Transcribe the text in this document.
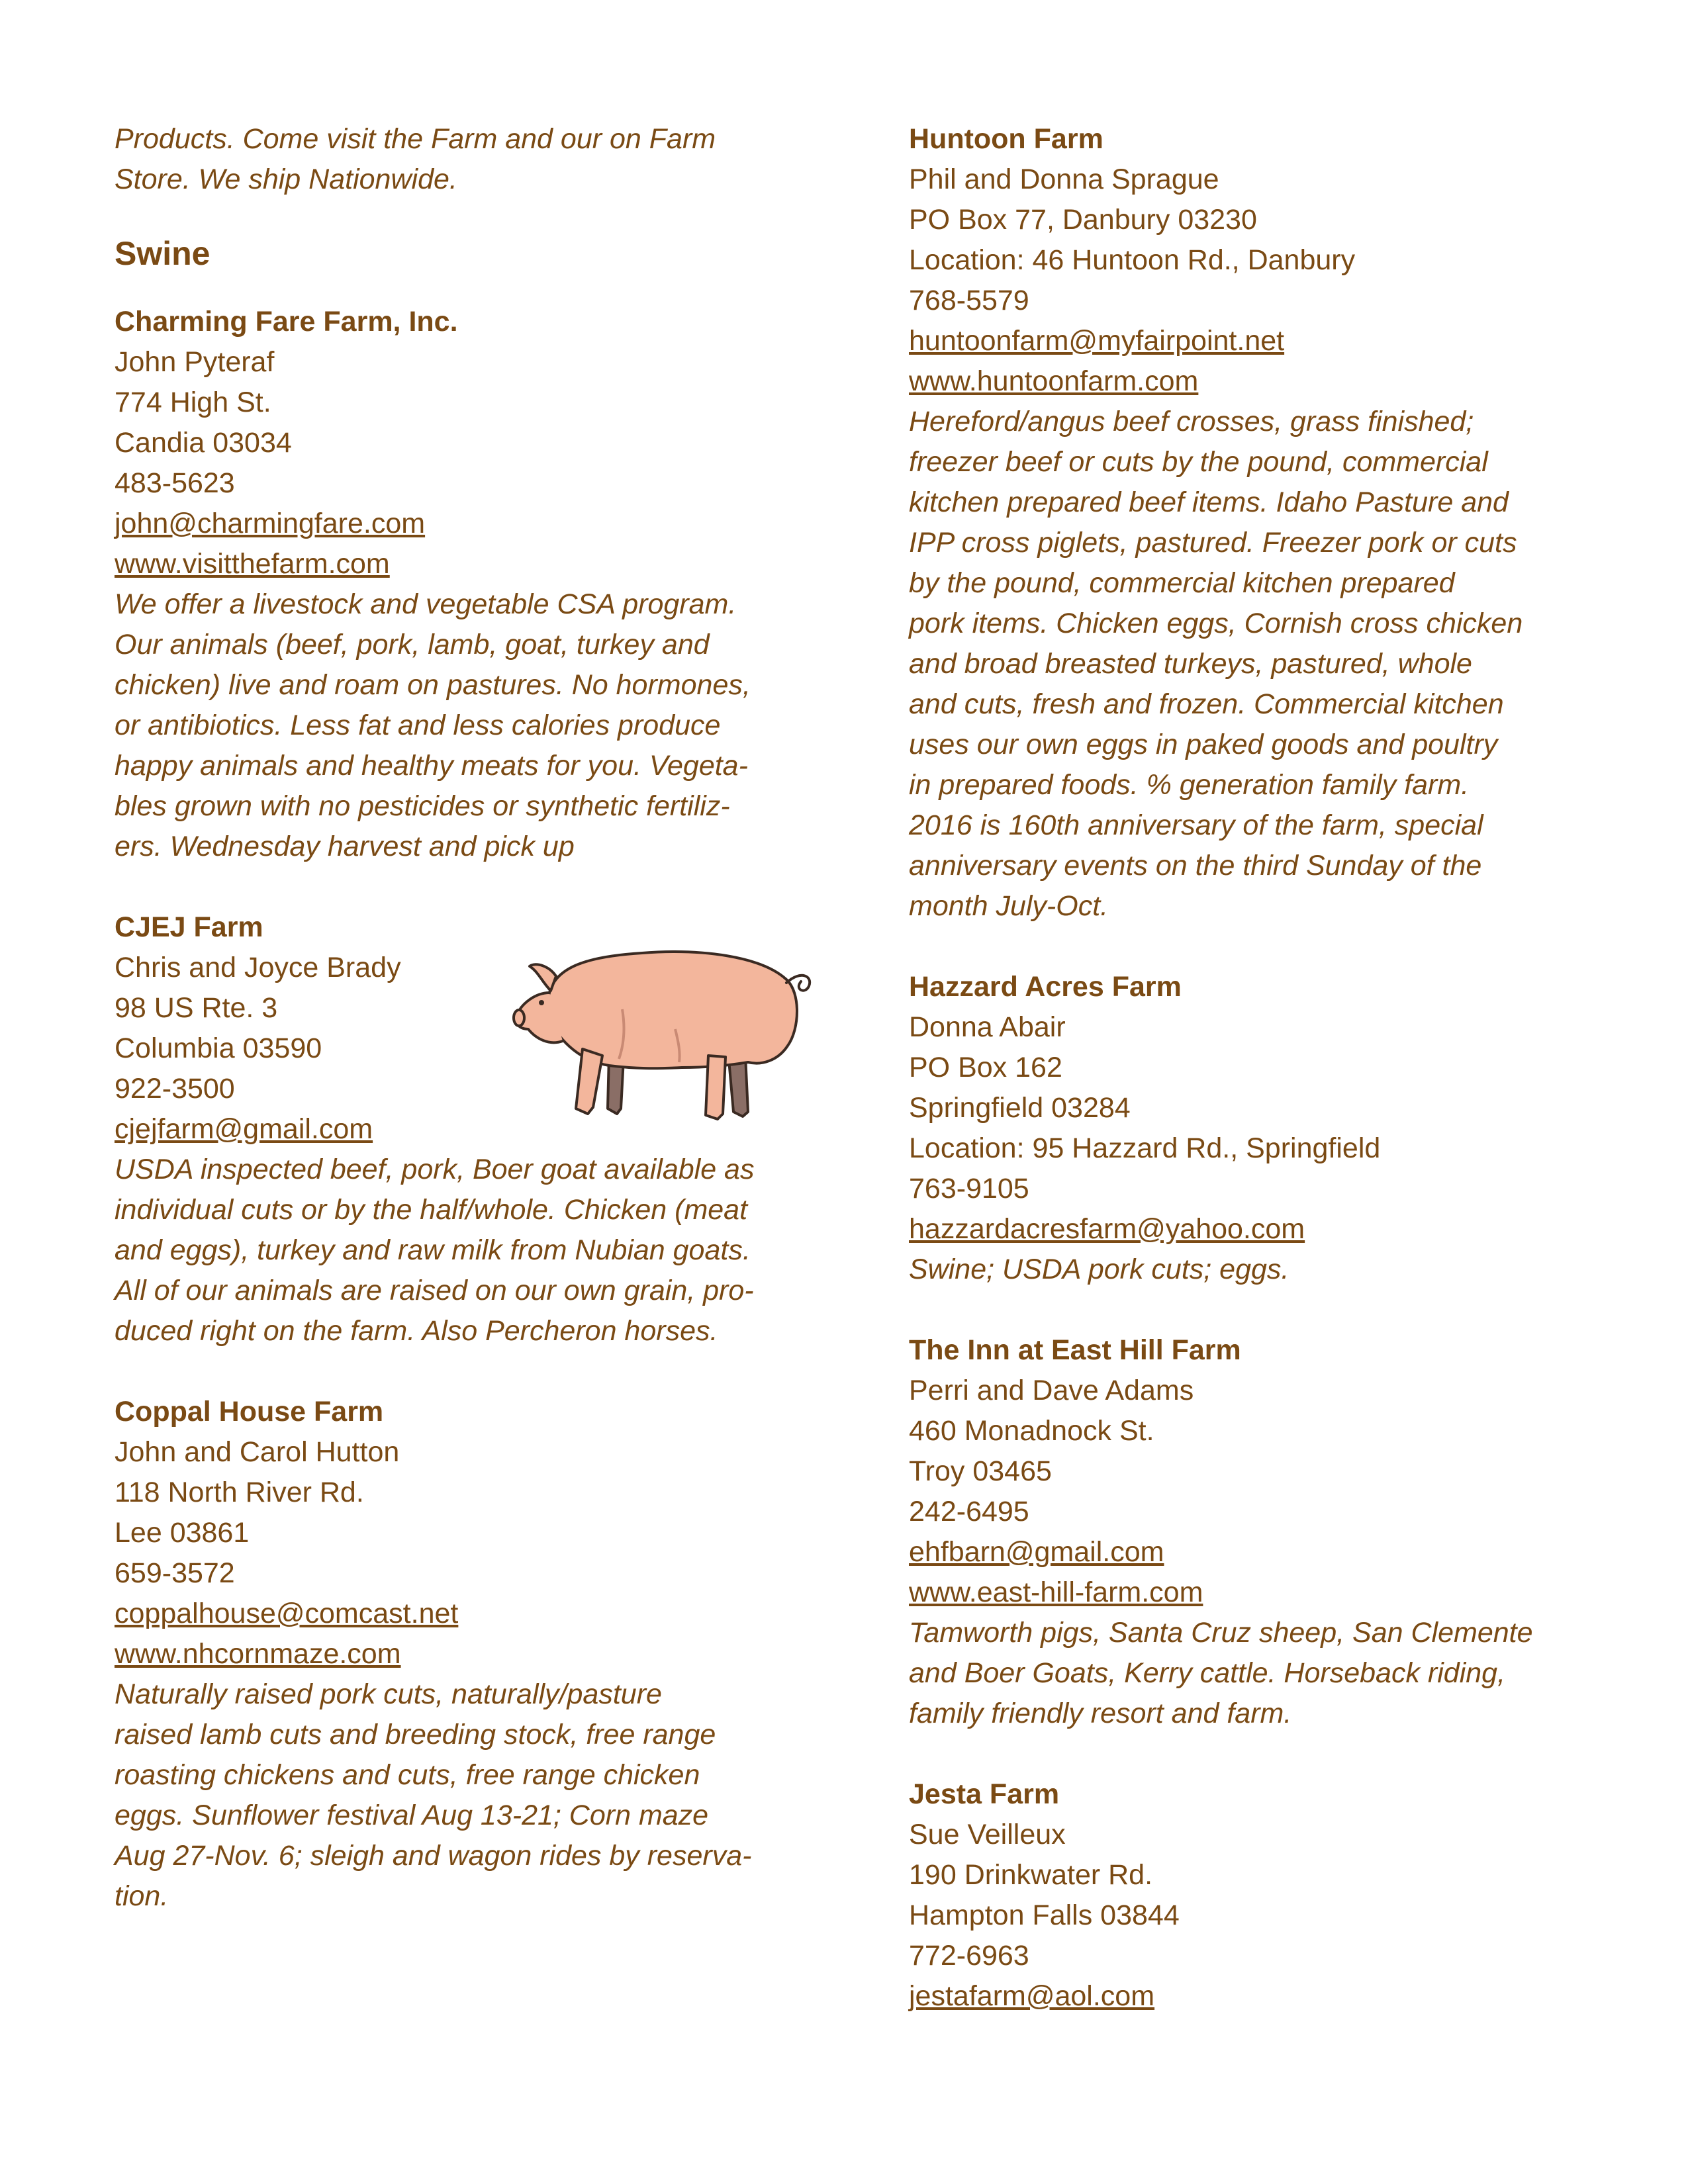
Products. Come visit the Farm and our on Farm
Store. We ship Nationwide.
Swine
Charming Fare Farm, Inc.
John Pyteraf
774 High St.
Candia 03034
483-5623
john@charmingfare.com
www.visitthefarm.com
We offer a livestock and vegetable CSA program.
Our animals (beef, pork, lamb, goat, turkey and
chicken) live and roam on pastures. No hormones,
or antibiotics. Less fat and less calories produce
happy animals and healthy meats for you. Vegeta-
bles grown with no pesticides or synthetic fertiliz-
ers. Wednesday harvest and pick up
CJEJ Farm
Chris and Joyce Brady
98 US Rte. 3
Columbia 03590
922-3500
cjejfarm@gmail.com
USDA inspected beef, pork, Boer goat available as
individual cuts or by the half/whole. Chicken (meat
and eggs), turkey and raw milk from Nubian goats.
All of our animals are raised on our own grain, pro-
duced right on the farm. Also Percheron horses.
Coppal House Farm
John and Carol Hutton
118 North River Rd.
Lee 03861
659-3572
coppalhouse@comcast.net
www.nhcornmaze.com
Naturally raised pork cuts, naturally/pasture
raised lamb cuts and breeding stock, free range
roasting chickens and cuts, free range chicken
eggs. Sunflower festival Aug 13-21; Corn maze
Aug 27-Nov. 6; sleigh and wagon rides by reserva-
tion.
Huntoon Farm
Phil and Donna Sprague
PO Box 77, Danbury 03230
Location: 46 Huntoon Rd., Danbury
768-5579
huntoonfarm@myfairpoint.net
www.huntoonfarm.com
Hereford/angus beef crosses, grass finished;
freezer beef or cuts by the pound, commercial
kitchen prepared beef items. Idaho Pasture and
IPP cross piglets, pastured. Freezer pork or cuts
by the pound, commercial kitchen prepared
pork items. Chicken eggs, Cornish cross chicken
and broad breasted turkeys, pastured, whole
and cuts, fresh and frozen. Commercial kitchen
uses our own eggs in paked goods and poultry
in prepared foods. % generation family farm.
2016 is 160th anniversary of the farm, special
anniversary events on the third Sunday of the
month July-Oct.
Hazzard Acres Farm
Donna Abair
PO Box 162
Springfield 03284
Location: 95 Hazzard Rd., Springfield
763-9105
hazzardacresfarm@yahoo.com
Swine; USDA pork cuts; eggs.
The Inn at East Hill Farm
Perri and Dave Adams
460 Monadnock St.
Troy 03465
242-6495
ehfbarn@gmail.com
www.east-hill-farm.com
Tamworth pigs, Santa Cruz sheep, San Clemente
and Boer Goats, Kerry cattle. Horseback riding,
family friendly resort and farm.
Jesta Farm
Sue Veilleux
190 Drinkwater Rd.
Hampton Falls 03844
772-6963
jestafarm@aol.com
